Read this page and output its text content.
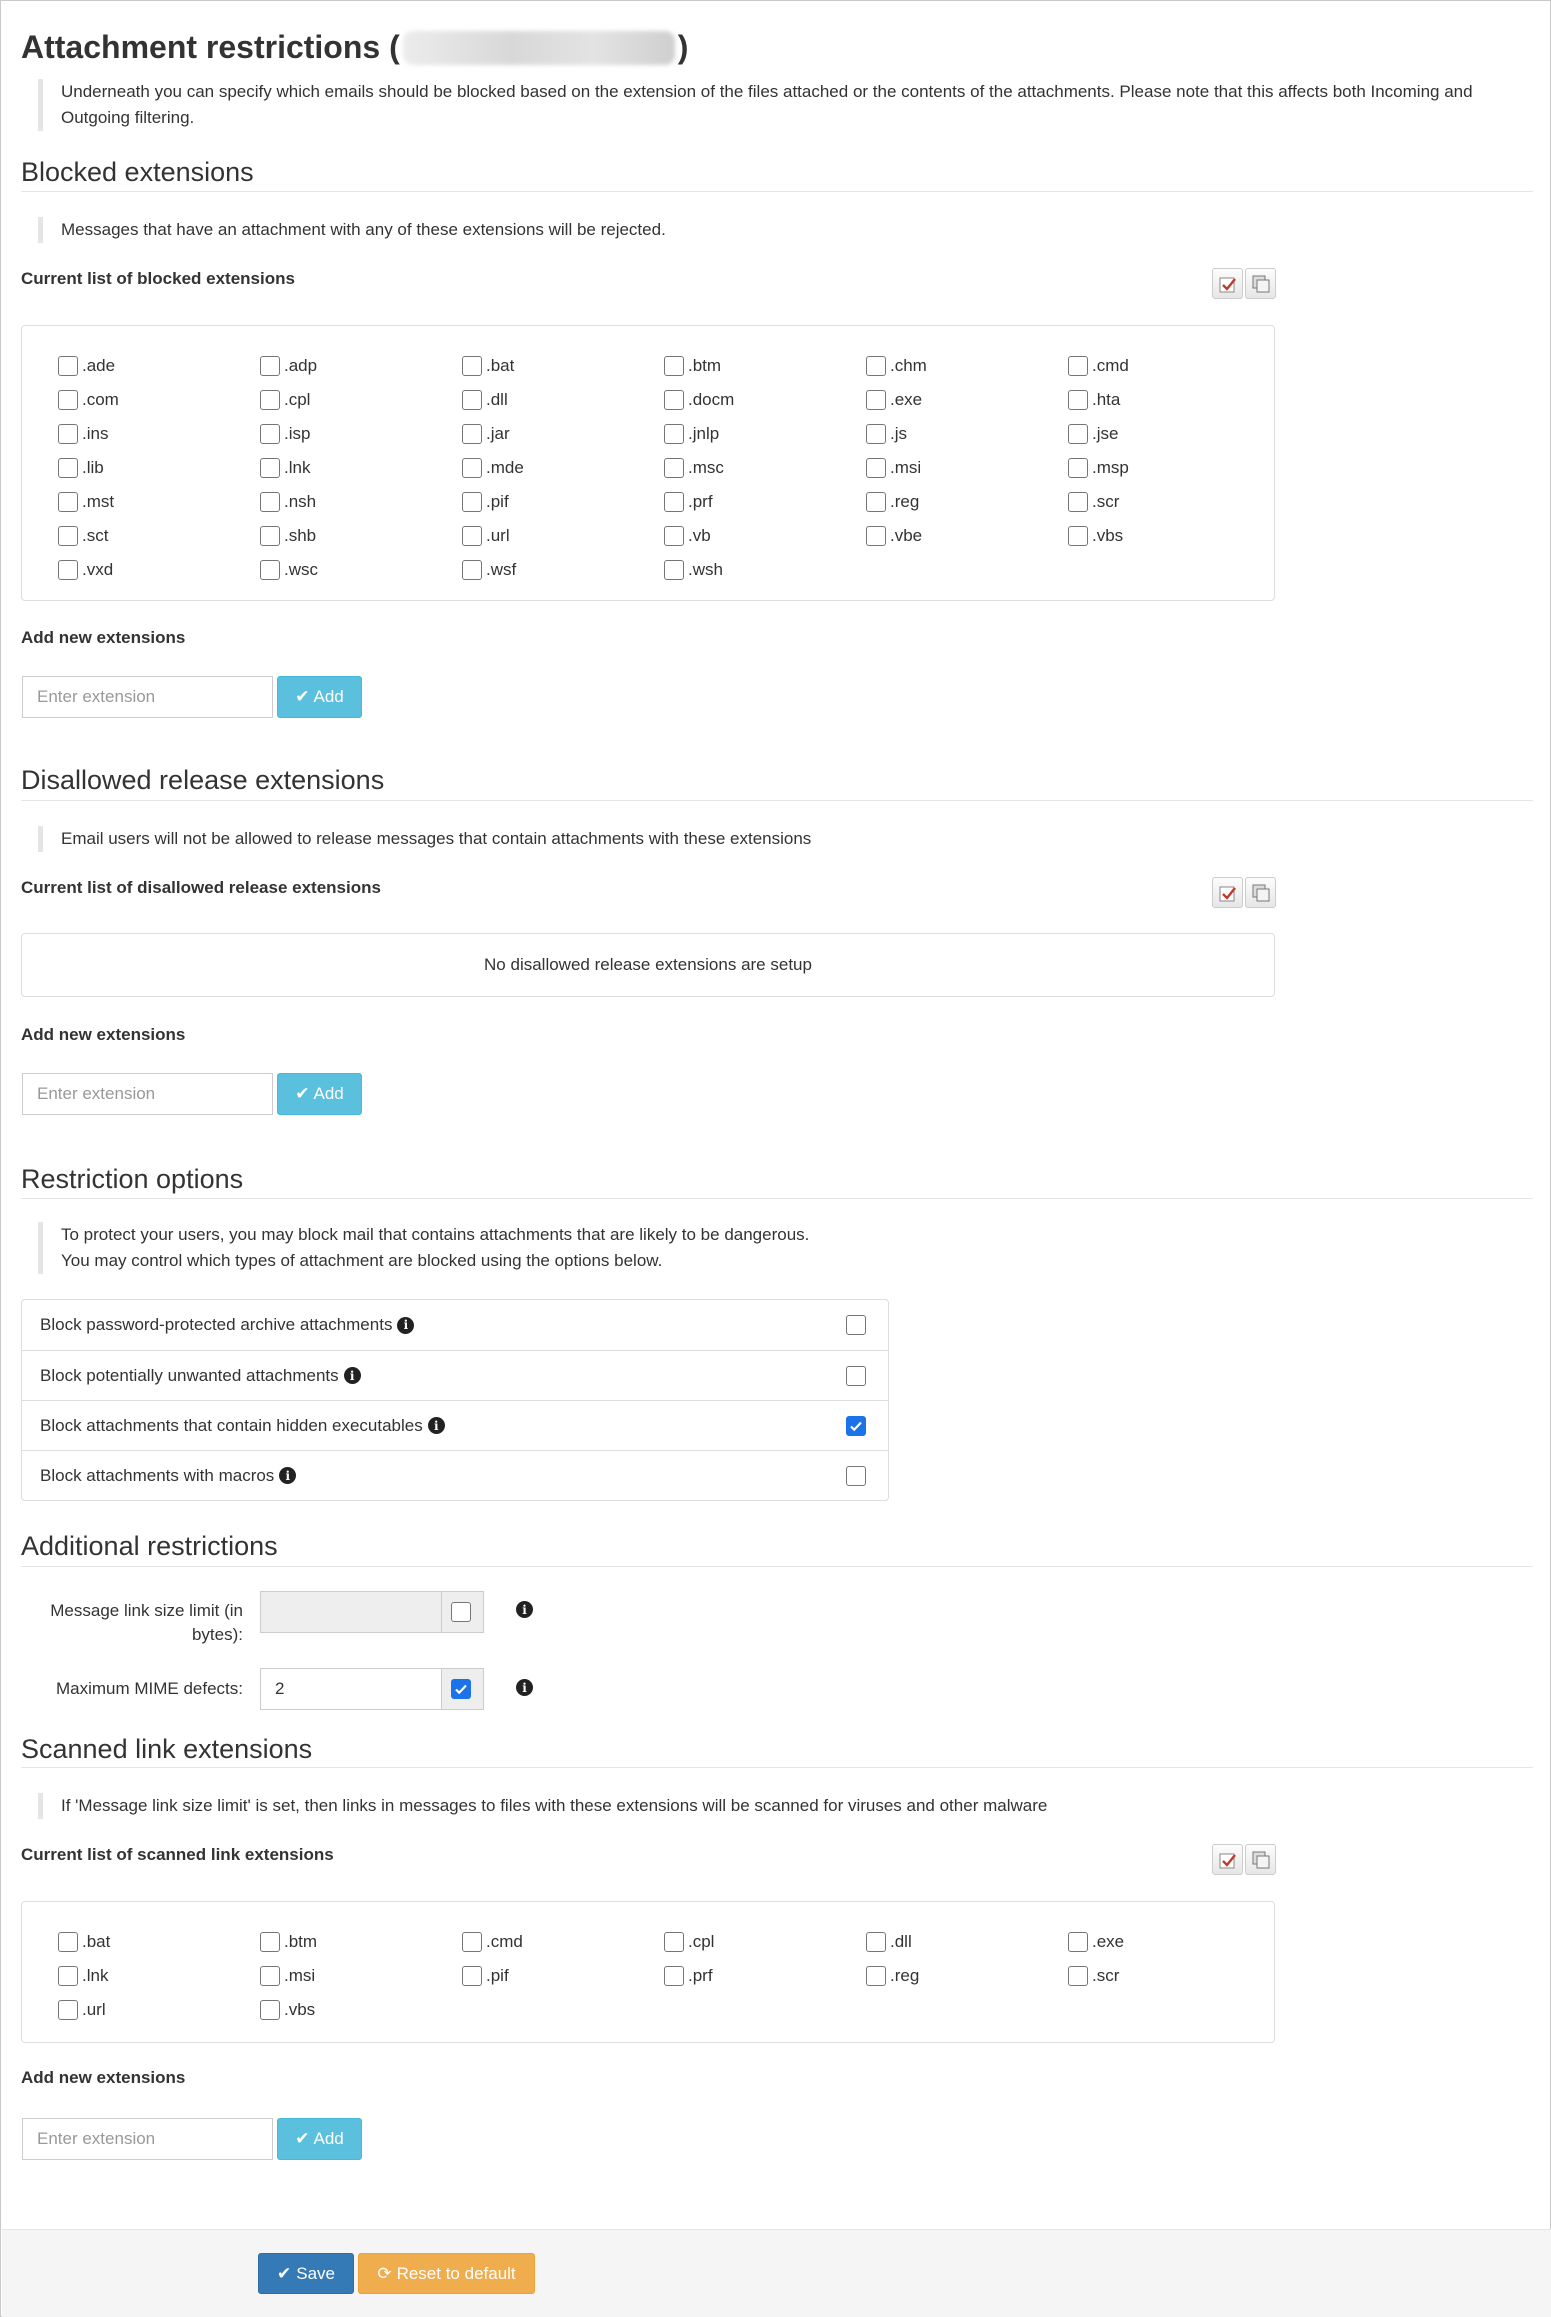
Attachment restrictions (	)
Underneath you can specify which emails should be blocked based on the extension of the files attached or the contents of the attachments. Please note that this affects both Incoming and Outgoing filtering.
Blocked extensions
Messages that have an attachment with any of these extensions will be rejected.
Current list of blocked extensions
.ade	.adp	.bat	.btm	.chm	.cmd
.com	.cpl	.dll	.docm	.exe	.hta
.ins	.isp	.jar	.jnlp	.js	.jse
.lib	.lnk	.mde	.msc	.msi	.msp
.mst	.nsh	.pif	.prf	.reg	.scr
.sct	.shb	.url	.vb	.vbe	.vbs
.vxd	.wsc	.wsf	.wsh
Add new extensions
Enter extension	✔ Add
Disallowed release extensions
Email users will not be allowed to release messages that contain attachments with these extensions
Current list of disallowed release extensions
No disallowed release extensions are setup
Add new extensions
Enter extension	✔ Add
Restriction options
To protect your users, you may block mail that contains attachments that are likely to be dangerous.
You may control which types of attachment are blocked using the options below.
Block password-protected archive attachments i
Block potentially unwanted attachments i
Block attachments that contain hidden executables i
Block attachments with macros i
Additional restrictions
Message link size limit (in bytes):
i
Maximum MIME defects:	2	i
Scanned link extensions
If 'Message link size limit' is set, then links in messages to files with these extensions will be scanned for viruses and other malware
Current list of scanned link extensions
.bat	.btm	.cmd	.cpl	.dll	.exe
.lnk	.msi	.pif	.prf	.reg	.scr
.url	.vbs
Add new extensions
Enter extension	✔ Add
✔ Save ⟳ Reset to default
